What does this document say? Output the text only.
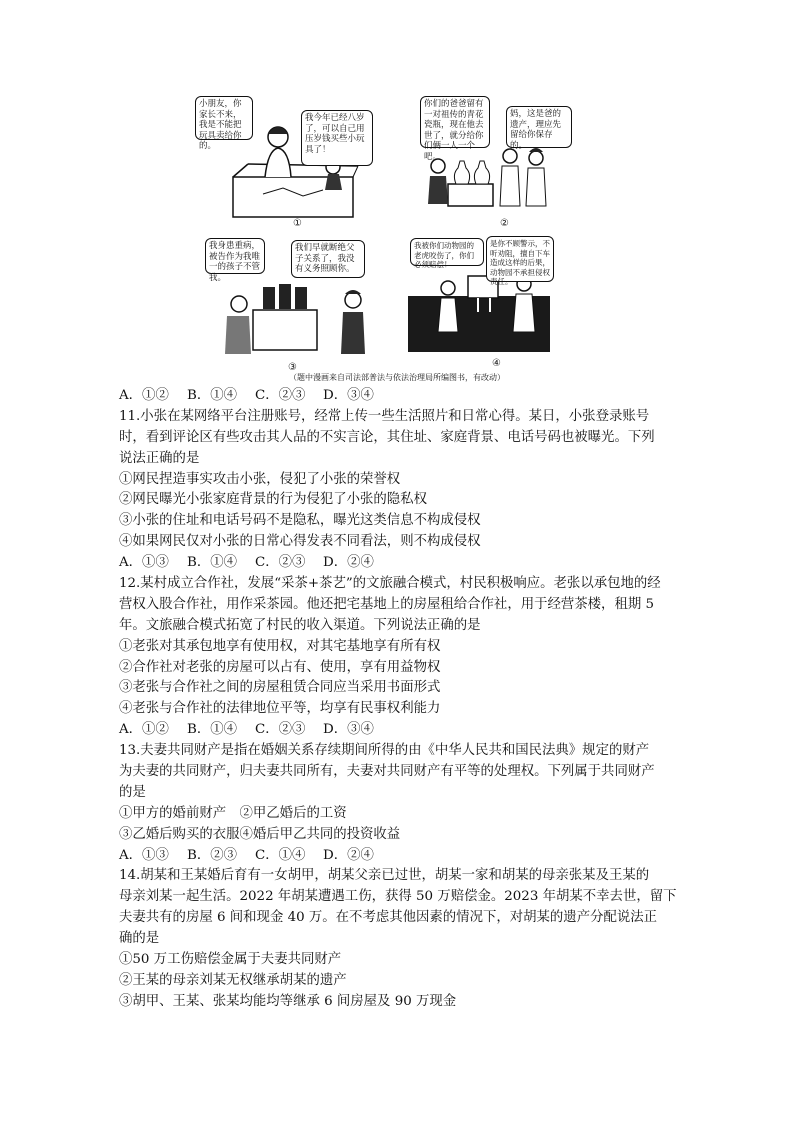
①
小朋友，你家长不来，我是不能把玩具卖给你的。
我今年已经八岁了，可以自己用压岁钱买些小玩具了！
②
你们的爸爸留有一对祖传的青花瓷瓶，现在他去世了，就分给你们俩一人一个吧。
妈，这是爸的遗产，理应先留给你保存的。
③
我身患重病，被告作为我唯一的孩子不管我。
我们早就断绝父子关系了，我没有义务照顾你。
④
我被你们动物园的老虎咬伤了，你们必须赔偿！
是你不顾警示，不听劝阻，擅自下车造成这样的后果，动物园不承担侵权责任。
（题中漫画来自司法部普法与依法治理局所编图书，有改动）
A．①②	B．①④	C．②③	D．③④
11.小张在某网络平台注册账号，经常上传一些生活照片和日常心得。某日，小张登录账号
时，看到评论区有些攻击其人品的不实言论，其住址、家庭背景、电话号码也被曝光。下列
说法正确的是
①网民捏造事实攻击小张，侵犯了小张的荣誉权
②网民曝光小张家庭背景的行为侵犯了小张的隐私权
③小张的住址和电话号码不是隐私，曝光这类信息不构成侵权
④如果网民仅对小张的日常心得发表不同看法，则不构成侵权
A．①③	B．①④	C．②③	D．②④
12.某村成立合作社，发展“采茶+茶艺”的文旅融合模式，村民积极响应。老张以承包地的经
营权入股合作社，用作采茶园。他还把宅基地上的房屋租给合作社，用于经营茶楼，租期 5
年。文旅融合模式拓宽了村民的收入渠道。下列说法正确的是
①老张对其承包地享有使用权，对其宅基地享有所有权
②合作社对老张的房屋可以占有、使用，享有用益物权
③老张与合作社之间的房屋租赁合同应当采用书面形式
④老张与合作社的法律地位平等，均享有民事权利能力
A．①②	B．①④	C．②③	D．③④
13.夫妻共同财产是指在婚姻关系存续期间所得的由《中华人民共和国民法典》规定的财产
为夫妻的共同财产，归夫妻共同所有，夫妻对共同财产有平等的处理权。下列属于共同财产
的是
①甲方的婚前财产　②甲乙婚后的工资
③乙婚后购买的衣服④婚后甲乙共同的投资收益
A．①③	B．②③	C．①④	D．②④
14.胡某和王某婚后育有一女胡甲，胡某父亲已过世，胡某一家和胡某的母亲张某及王某的
母亲刘某一起生活。2022 年胡某遭遇工伤，获得 50 万赔偿金。2023 年胡某不幸去世，留下
夫妻共有的房屋 6 间和现金 40 万。在不考虑其他因素的情况下，对胡某的遗产分配说法正
确的是
①50 万工伤赔偿金属于夫妻共同财产
②王某的母亲刘某无权继承胡某的遗产
③胡甲、王某、张某均能均等继承 6 间房屋及 90 万现金
